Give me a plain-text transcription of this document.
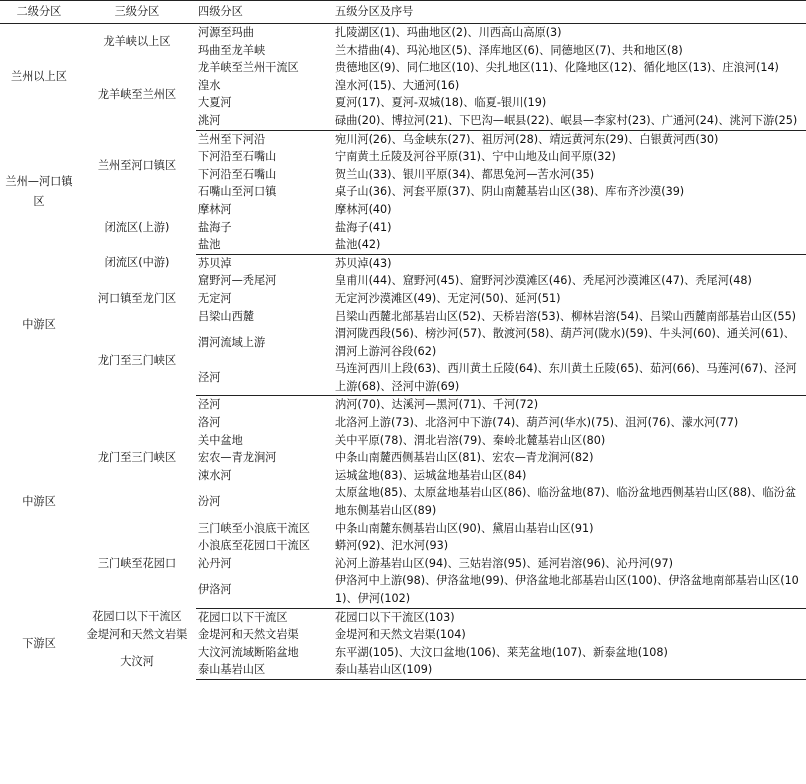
二级分区	三级分区	四级分区	五级分区及序号
兰州以上区	龙羊峡以上区	河源至玛曲	扎陵湖区(1)、玛曲地区(2)、川西高山高原(3)
		玛曲至龙羊峡	兰木措曲(4)、玛沁地区(5)、泽库地区(6)、同德地区(7)、共和地区(8)
	龙羊峡至兰州区	龙羊峡至兰州干流区	贵德地区(9)、同仁地区(10)、尖扎地区(11)、化隆地区(12)、循化地区(13)、庄浪河(14)
		湟水	湟水河(15)、大通河(16)
		大夏河	夏河(17)、夏河-双城(18)、临夏-银川(19)
		洮河	碌曲(20)、博拉河(21)、下巴沟—岷县(22)、岷县—李家村(23)、广通河(24)、洮河下游(25)
兰州—河口镇区	兰州至河口镇区	兰州至下河沿	宛川河(26)、乌金峡东(27)、祖厉河(28)、靖远黄河东(29)、白银黄河西(30)
		下河沿至石嘴山	宁南黄土丘陵及河谷平原(31)、宁中山地及山间平原(32)
		下河沿至石嘴山	贺兰山(33)、银川平原(34)、都思兔河—苦水河(35)
		石嘴山至河口镇	桌子山(36)、河套平原(37)、阴山南麓基岩山区(38)、库布齐沙漠(39)
	闭流区(上游)	摩林河	摩林河(40)
		盐海子	盐海子(41)
		盐池	盐池(42)
中游区	闭流区(中游)	苏贝淖	苏贝淖(43)
	河口镇至龙门区	窟野河—秃尾河	皇甫川(44)、窟野河(45)、窟野河沙漠滩区(46)、秃尾河沙漠滩区(47)、秃尾河(48)
		无定河	无定河沙漠滩区(49)、无定河(50)、延河(51)
		吕梁山西麓	吕梁山西麓北部基岩山区(52)、天桥岩溶(53)、柳林岩溶(54)、吕梁山西麓南部基岩山区(55)
	龙门至三门峡区	渭河流域上游	渭河陇西段(56)、榜沙河(57)、散渡河(58)、葫芦河(陇水)(59)、牛头河(60)、通关河(61)、渭河上游河谷段(62)
		泾河	马连河西川上段(63)、西川黄土丘陵(64)、东川黄土丘陵(65)、茹河(66)、马莲河(67)、泾河上游(68)、泾河中游(69)
中游区	龙门至三门峡区	泾河	汭河(70)、达溪河—黑河(71)、千河(72)
		洛河	北洛河上游(73)、北洛河中下游(74)、葫芦河(华水)(75)、沮河(76)、濛水河(77)
		关中盆地	关中平原(78)、渭北岩溶(79)、秦岭北麓基岩山区(80)
		宏农—青龙涧河	中条山南麓西侧基岩山区(81)、宏农—青龙涧河(82)
		涑水河	运城盆地(83)、运城盆地基岩山区(84)
		汾河	太原盆地(85)、太原盆地基岩山区(86)、临汾盆地(87)、临汾盆地西侧基岩山区(88)、临汾盆地东侧基岩山区(89)
	三门峡至花园口	三门峡至小浪底干流区	中条山南麓东侧基岩山区(90)、黛眉山基岩山区(91)
		小浪底至花园口干流区	蟒河(92)、汜水河(93)
		沁丹河	沁河上游基岩山区(94)、三姑岩溶(95)、延河岩溶(96)、沁丹河(97)
		伊洛河	伊洛河中上游(98)、伊洛盆地(99)、伊洛盆地北部基岩山区(100)、伊洛盆地南部基岩山区(101)、伊河(102)
下游区	花园口以下干流区	花园口以下干流区	花园口以下干流区(103)
	金堤河和天然文岩渠	金堤河和天然文岩渠	金堤河和天然文岩渠(104)
	大汶河	大汶河流域断陷盆地	东平湖(105)、大汶口盆地(106)、莱芜盆地(107)、新泰盆地(108)
		泰山基岩山区	泰山基岩山区(109)
